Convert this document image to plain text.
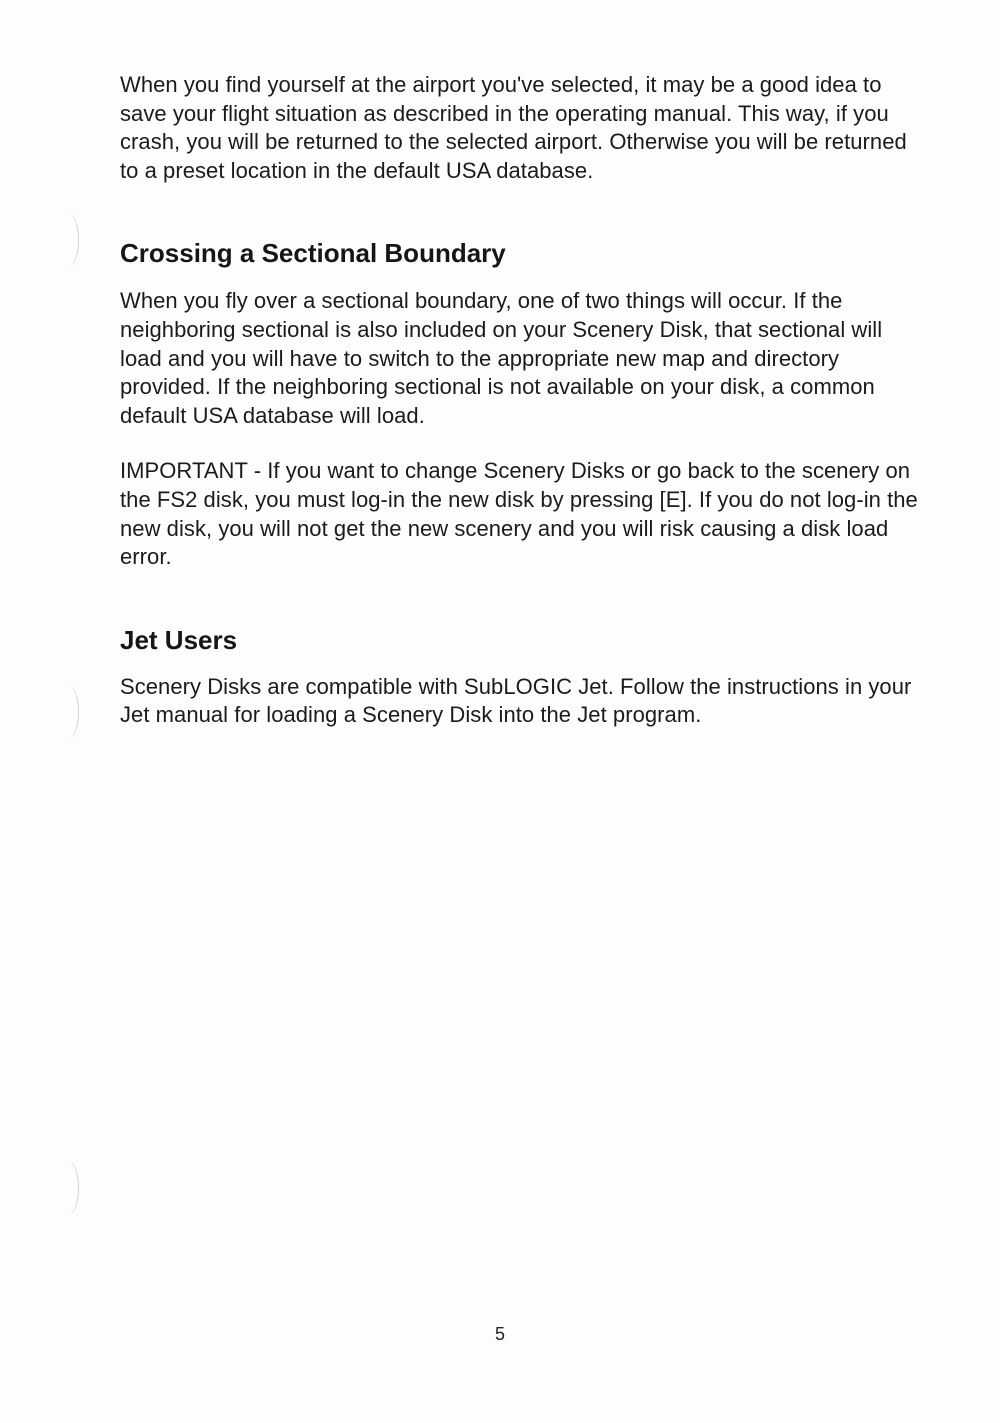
When you find yourself at the airport you've selected, it may be a good idea to save your flight situation as described in the operating manual. This way, if you crash, you will be returned to the selected airport. Otherwise you will be returned to a preset location in the default USA database.

Crossing a Sectional Boundary

When you fly over a sectional boundary, one of two things will occur. If the neighboring sectional is also included on your Scenery Disk, that sectional will load and you will have to switch to the appropriate new map and directory provided. If the neighboring sectional is not available on your disk, a common default USA database will load.

IMPORTANT - If you want to change Scenery Disks or go back to the scenery on the FS2 disk, you must log-in the new disk by pressing [E]. If you do not log-in the new disk, you will not get the new scenery and you will risk causing a disk load error.

Jet Users

Scenery Disks are compatible with SubLOGIC Jet. Follow the instructions in your Jet manual for loading a Scenery Disk into the Jet program.

5
